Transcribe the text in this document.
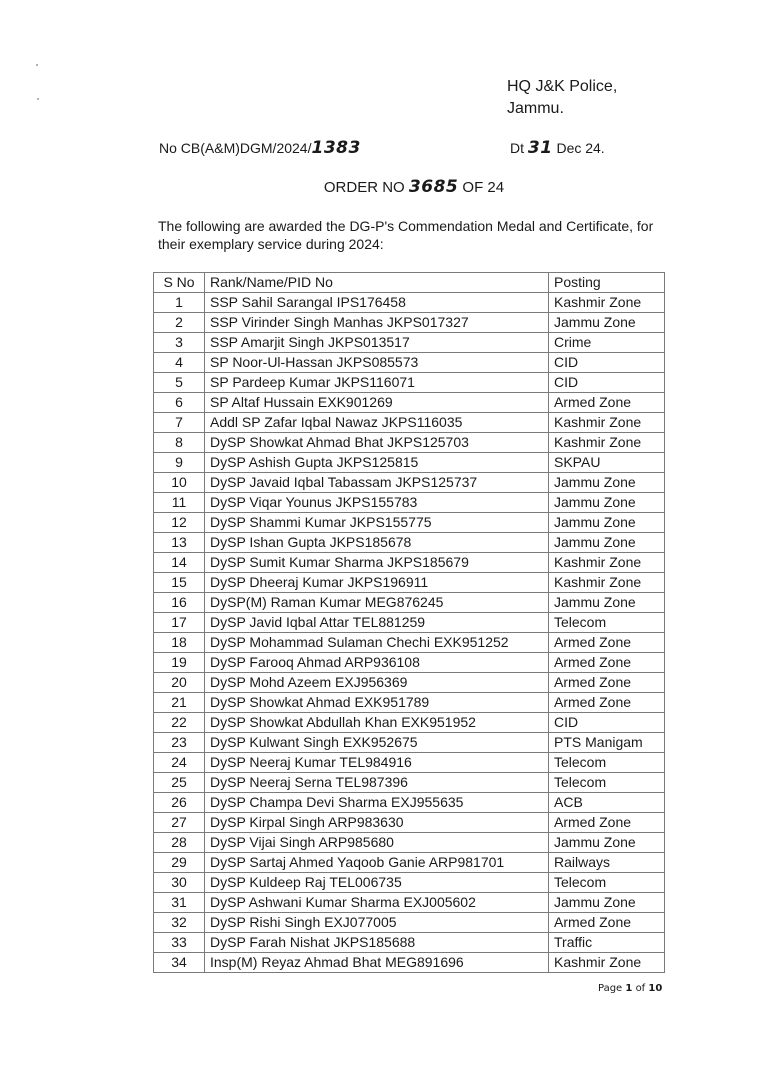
HQ J&K Police,
Jammu.
No CB(A&M)DGM/2024/1383	Dt 31 Dec 24.
ORDER NO 3685 OF 24
The following are awarded the DG-P's Commendation Medal and Certificate, for their exemplary service during 2024:
S No	Rank/Name/PID No	Posting
1	SSP Sahil Sarangal IPS176458	Kashmir Zone
2	SSP Virinder Singh Manhas JKPS017327	Jammu Zone
3	SSP Amarjit Singh JKPS013517	Crime
4	SP Noor-Ul-Hassan JKPS085573	CID
5	SP Pardeep Kumar JKPS116071	CID
6	SP Altaf Hussain EXK901269	Armed Zone
7	Addl SP Zafar Iqbal Nawaz JKPS116035	Kashmir Zone
8	DySP Showkat Ahmad Bhat JKPS125703	Kashmir Zone
9	DySP Ashish Gupta JKPS125815	SKPAU
10	DySP Javaid Iqbal Tabassam JKPS125737	Jammu Zone
11	DySP Viqar Younus JKPS155783	Jammu Zone
12	DySP Shammi Kumar JKPS155775	Jammu Zone
13	DySP Ishan Gupta JKPS185678	Jammu Zone
14	DySP Sumit Kumar Sharma JKPS185679	Kashmir Zone
15	DySP Dheeraj Kumar JKPS196911	Kashmir Zone
16	DySP(M) Raman Kumar MEG876245	Jammu Zone
17	DySP Javid Iqbal Attar TEL881259	Telecom
18	DySP Mohammad Sulaman Chechi EXK951252	Armed Zone
19	DySP Farooq Ahmad ARP936108	Armed Zone
20	DySP Mohd Azeem EXJ956369	Armed Zone
21	DySP Showkat Ahmad EXK951789	Armed Zone
22	DySP Showkat Abdullah Khan EXK951952	CID
23	DySP Kulwant Singh EXK952675	PTS Manigam
24	DySP Neeraj Kumar TEL984916	Telecom
25	DySP Neeraj Serna TEL987396	Telecom
26	DySP Champa Devi Sharma EXJ955635	ACB
27	DySP Kirpal Singh ARP983630	Armed Zone
28	DySP Vijai Singh ARP985680	Jammu Zone
29	DySP Sartaj Ahmed Yaqoob Ganie ARP981701	Railways
30	DySP Kuldeep Raj TEL006735	Telecom
31	DySP Ashwani Kumar Sharma EXJ005602	Jammu Zone
32	DySP Rishi Singh EXJ077005	Armed Zone
33	DySP Farah Nishat JKPS185688	Traffic
34	Insp(M) Reyaz Ahmad Bhat MEG891696	Kashmir Zone
Page 1 of 10
